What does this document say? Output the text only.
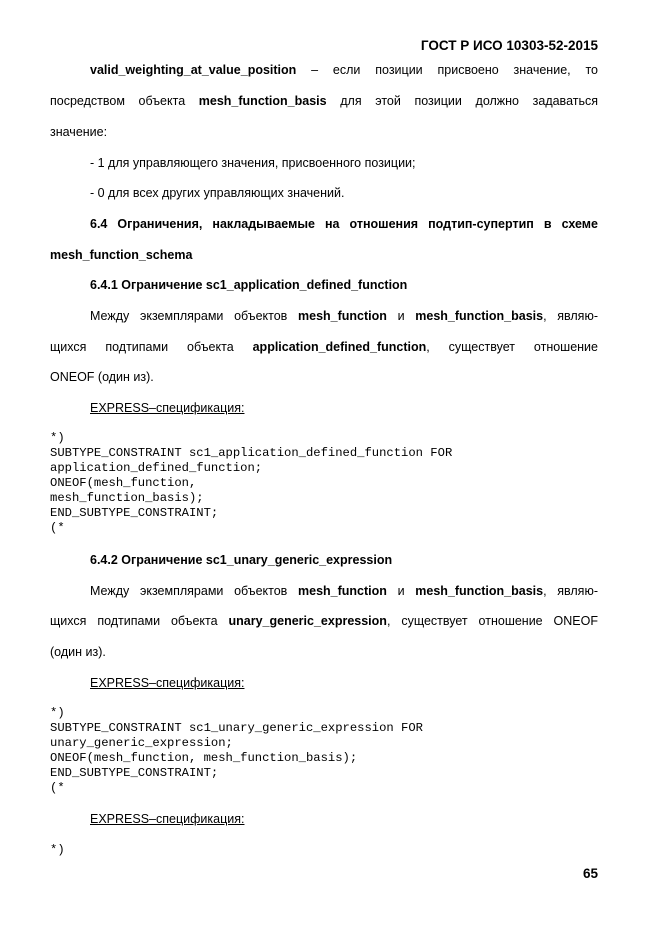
ГОСТ Р ИСО 10303-52-2015
valid_weighting_at_value_position – если позиции присвоено значение, то
посредством объекта mesh_function_basis для этой позиции должно задаваться
значение:
- 1 для управляющего значения, присвоенного позиции;
- 0 для всех других управляющих значений.
6.4 Ограничения, накладываемые на отношения подтип-супертип в схеме
mesh_function_schema
6.4.1 Ограничение sc1_application_defined_function
Между экземплярами объектов mesh_function и mesh_function_basis, являю-
щихся подтипами объекта application_defined_function, существует отношение
ONEOF (один из).
EXPRESS–спецификация:
*)
SUBTYPE_CONSTRAINT sc1_application_defined_function FOR
application_defined_function;
ONEOF(mesh_function,
mesh_function_basis);
END_SUBTYPE_CONSTRAINT;
(*
6.4.2 Ограничение sc1_unary_generic_expression
Между экземплярами объектов mesh_function и mesh_function_basis, являю-
щихся подтипами объекта unary_generic_expression, существует отношение ONEOF
(один из).
EXPRESS–спецификация:
*)
SUBTYPE_CONSTRAINT sc1_unary_generic_expression FOR
unary_generic_expression;
ONEOF(mesh_function, mesh_function_basis);
END_SUBTYPE_CONSTRAINT;
(*
EXPRESS–спецификация:
*)
65
